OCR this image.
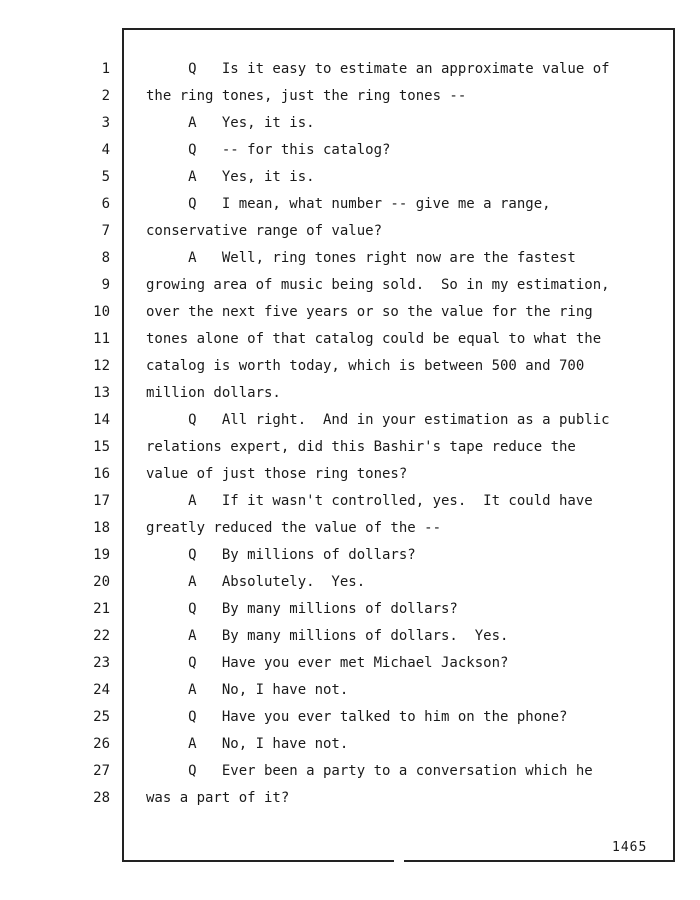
1
2
3
4
5
6
7
8
9
10
11
12
13
14
15
16
17
18
19
20
21
22
23
24
25
26
27
28
Q   Is it easy to estimate an approximate value of
the ring tones, just the ring tones --
A   Yes, it is.
Q   -- for this catalog?
A   Yes, it is.
Q   I mean, what number -- give me a range,
conservative range of value?
A   Well, ring tones right now are the fastest
growing area of music being sold.  So in my estimation,
over the next five years or so the value for the ring
tones alone of that catalog could be equal to what the
catalog is worth today, which is between 500 and 700
million dollars.
Q   All right.  And in your estimation as a public
relations expert, did this Bashir's tape reduce the
value of just those ring tones?
A   If it wasn't controlled, yes.  It could have
greatly reduced the value of the --
Q   By millions of dollars?
A   Absolutely.  Yes.
Q   By many millions of dollars?
A   By many millions of dollars.  Yes.
Q   Have you ever met Michael Jackson?
A   No, I have not.
Q   Have you ever talked to him on the phone?
A   No, I have not.
Q   Ever been a party to a conversation which he
was a part of it?
1465
